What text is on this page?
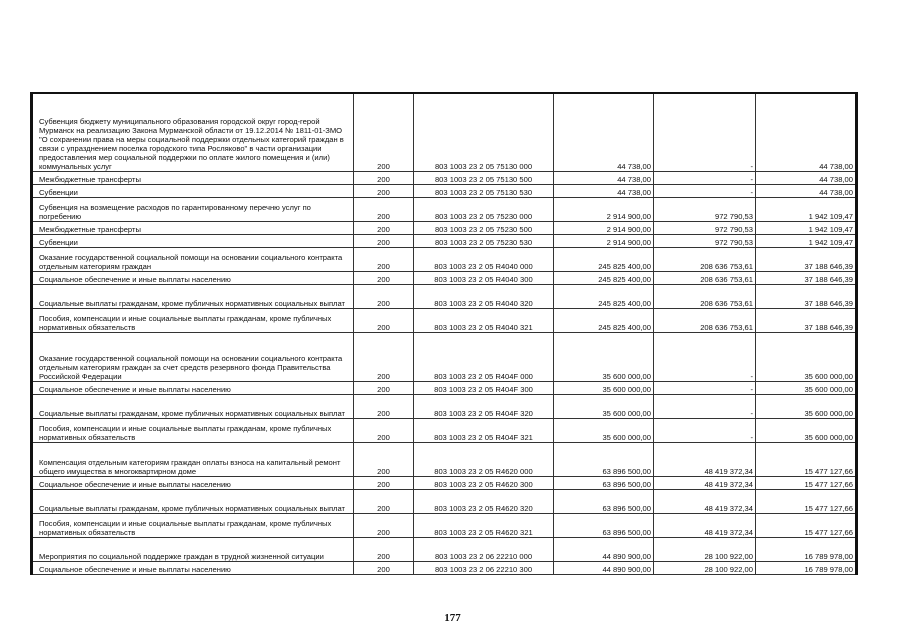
Субвенция бюджету муниципального образования городской округ город-герой Мурманск на реализацию Закона Мурманской области от 19.12.2014 № 1811-01-ЗМО "О сохранении права на меры социальной поддержки отдельных категорий граждан в связи с упразднением поселка городского типа Росляково" в части организации предоставления мер социальной поддержки по оплате жилого помещения и (или) коммунальных услуг	200	803 1003 23 2 05 75130 000	44 738,00	-	44 738,00
Межбюджетные трансферты	200	803 1003 23 2 05 75130 500	44 738,00	-	44 738,00
Субвенции	200	803 1003 23 2 05 75130 530	44 738,00	-	44 738,00
Субвенция на возмещение расходов по гарантированному перечню услуг по погребению	200	803 1003 23 2 05 75230 000	2 914 900,00	972 790,53	1 942 109,47
Межбюджетные трансферты	200	803 1003 23 2 05 75230 500	2 914 900,00	972 790,53	1 942 109,47
Субвенции	200	803 1003 23 2 05 75230 530	2 914 900,00	972 790,53	1 942 109,47
Оказание государственной социальной помощи на основании социального контракта отдельным категориям граждан	200	803 1003 23 2 05 R4040 000	245 825 400,00	208 636 753,61	37 188 646,39
Социальное обеспечение и иные выплаты населению	200	803 1003 23 2 05 R4040 300	245 825 400,00	208 636 753,61	37 188 646,39
Социальные выплаты гражданам, кроме публичных нормативных социальных выплат	200	803 1003 23 2 05 R4040 320	245 825 400,00	208 636 753,61	37 188 646,39
Пособия, компенсации и иные социальные выплаты гражданам, кроме публичных нормативных обязательств	200	803 1003 23 2 05 R4040 321	245 825 400,00	208 636 753,61	37 188 646,39
Оказание государственной социальной помощи на основании социального контракта отдельным категориям граждан за счет средств резервного фонда Правительства Российской Федерации	200	803 1003 23 2 05 R404F 000	35 600 000,00	-	35 600 000,00
Социальное обеспечение и иные выплаты населению	200	803 1003 23 2 05 R404F 300	35 600 000,00	-	35 600 000,00
Социальные выплаты гражданам, кроме публичных нормативных социальных выплат	200	803 1003 23 2 05 R404F 320	35 600 000,00	-	35 600 000,00
Пособия, компенсации и иные социальные выплаты гражданам, кроме публичных нормативных обязательств	200	803 1003 23 2 05 R404F 321	35 600 000,00	-	35 600 000,00
Компенсация отдельным категориям граждан оплаты взноса на капитальный ремонт общего имущества в многоквартирном доме	200	803 1003 23 2 05 R4620 000	63 896 500,00	48 419 372,34	15 477 127,66
Социальное обеспечение и иные выплаты населению	200	803 1003 23 2 05 R4620 300	63 896 500,00	48 419 372,34	15 477 127,66
Социальные выплаты гражданам, кроме публичных нормативных социальных выплат	200	803 1003 23 2 05 R4620 320	63 896 500,00	48 419 372,34	15 477 127,66
Пособия, компенсации и иные социальные выплаты гражданам, кроме публичных нормативных обязательств	200	803 1003 23 2 05 R4620 321	63 896 500,00	48 419 372,34	15 477 127,66
Мероприятия по социальной поддержке граждан в трудной жизненной ситуации	200	803 1003 23 2 06 22210 000	44 890 900,00	28 100 922,00	16 789 978,00
Социальное обеспечение и иные выплаты населению	200	803 1003 23 2 06 22210 300	44 890 900,00	28 100 922,00	16 789 978,00
177
